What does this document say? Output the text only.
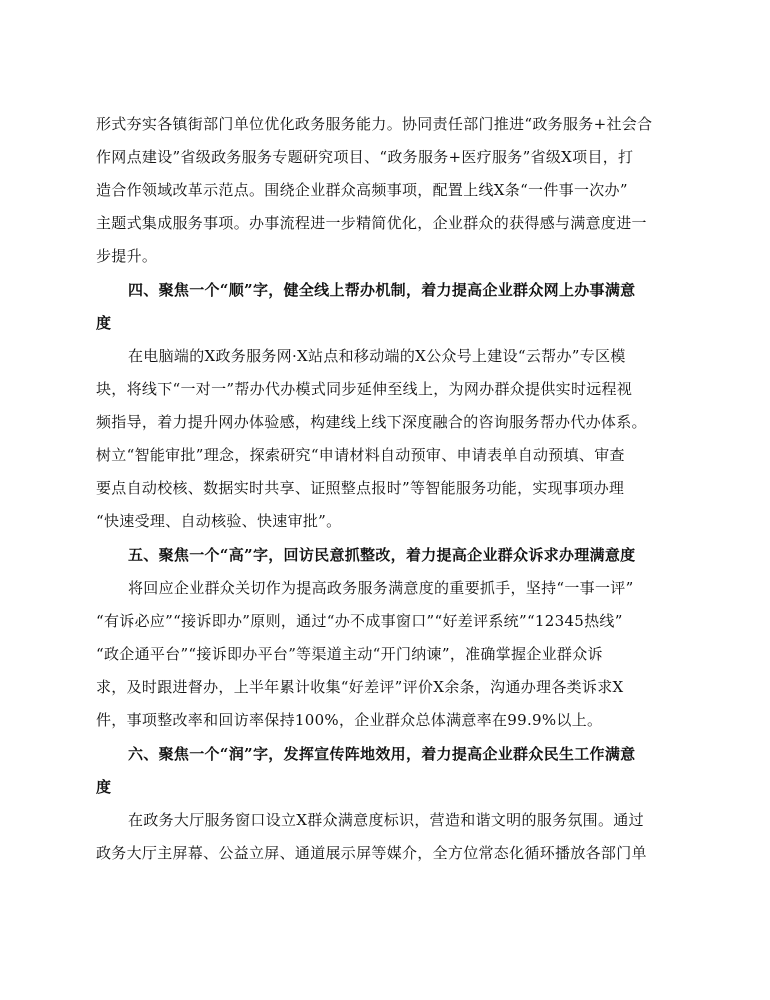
形式夯实各镇街部门单位优化政务服务能力。协同责任部门推进“政务服务+社会合
作网点建设”省级政务服务专题研究项目、“政务服务+医疗服务”省级X项目，打
造合作领域改革示范点。围绕企业群众高频事项，配置上线X条“一件事一次办”
主题式集成服务事项。办事流程进一步精简优化，企业群众的获得感与满意度进一
步提升。
四、聚焦一个“顺”字，健全线上帮办机制，着力提高企业群众网上办事满意
度
在电脑端的X政务服务网·X站点和移动端的X公众号上建设“云帮办”专区模
块，将线下“一对一”帮办代办模式同步延伸至线上，为网办群众提供实时远程视
频指导，着力提升网办体验感，构建线上线下深度融合的咨询服务帮办代办体系。
树立“智能审批”理念，探索研究“申请材料自动预审、申请表单自动预填、审查
要点自动校核、数据实时共享、证照整点报时”等智能服务功能，实现事项办理
“快速受理、自动核验、快速审批”。
五、聚焦一个“高”字，回访民意抓整改，着力提高企业群众诉求办理满意度
将回应企业群众关切作为提高政务服务满意度的重要抓手，坚持“一事一评”
“有诉必应”“接诉即办”原则，通过“办不成事窗口”“好差评系统”“12345热线”
“政企通平台”“接诉即办平台”等渠道主动“开门纳谏”，准确掌握企业群众诉
求，及时跟进督办，上半年累计收集“好差评”评价X余条，沟通办理各类诉求X
件，事项整改率和回访率保持100%，企业群众总体满意率在99.9%以上。
六、聚焦一个“润”字，发挥宣传阵地效用，着力提高企业群众民生工作满意
度
在政务大厅服务窗口设立X群众满意度标识，营造和谐文明的服务氛围。通过
政务大厅主屏幕、公益立屏、通道展示屏等媒介，全方位常态化循环播放各部门单
